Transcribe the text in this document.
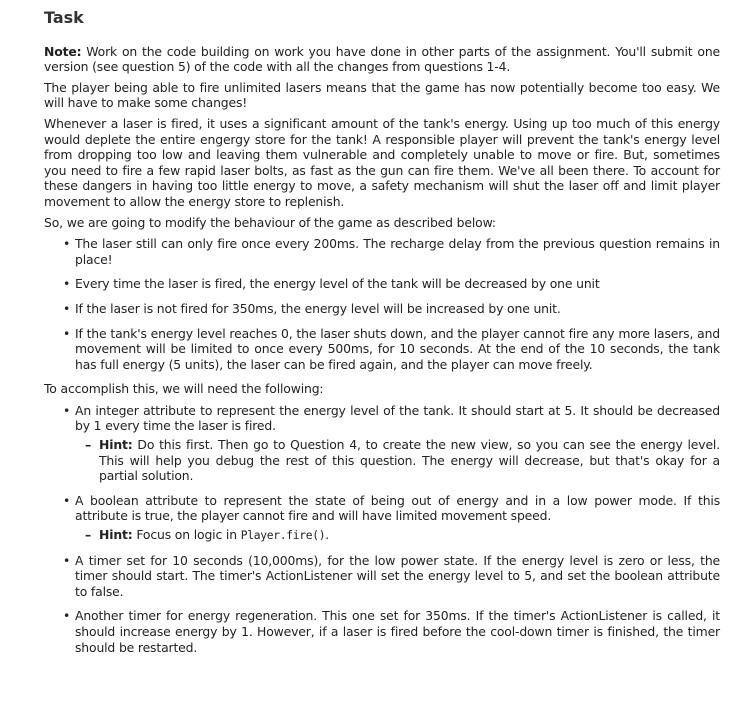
Task

Note: Work on the code building on work you have done in other parts of the assignment. You'll submit one version (see question 5) of the code with all the changes from questions 1-4.

The player being able to fire unlimited lasers means that the game has now potentially become too easy. We will have to make some changes!

Whenever a laser is fired, it uses a significant amount of the tank's energy. Using up too much of this energy would deplete the entire engergy store for the tank! A responsible player will prevent the tank's energy level from dropping too low and leaving them vulnerable and completely unable to move or fire. But, sometimes you need to fire a few rapid laser bolts, as fast as the gun can fire them. We've all been there. To account for these dangers in having too little energy to move, a safety mechanism will shut the laser off and limit player movement to allow the energy store to replenish.

So, we are going to modify the behaviour of the game as described below:

• The laser still can only fire once every 200ms. The recharge delay from the previous question remains in place!
• Every time the laser is fired, the energy level of the tank will be decreased by one unit
• If the laser is not fired for 350ms, the energy level will be increased by one unit.
• If the tank's energy level reaches 0, the laser shuts down, and the player cannot fire any more lasers, and movement will be limited to once every 500ms, for 10 seconds. At the end of the 10 seconds, the tank has full energy (5 units), the laser can be fired again, and the player can move freely.

To accomplish this, we will need the following:

• An integer attribute to represent the energy level of the tank. It should start at 5. It should be decreased by 1 every time the laser is fired.
– Hint: Do this first. Then go to Question 4, to create the new view, so you can see the energy level. This will help you debug the rest of this question. The energy will decrease, but that's okay for a partial solution.
• A boolean attribute to represent the state of being out of energy and in a low power mode. If this attribute is true, the player cannot fire and will have limited movement speed.
– Hint: Focus on logic in Player.fire().
• A timer set for 10 seconds (10,000ms), for the low power state. If the energy level is zero or less, the timer should start. The timer's ActionListener will set the energy level to 5, and set the boolean attribute to false.
• Another timer for energy regeneration. This one set for 350ms. If the timer's ActionListener is called, it should increase energy by 1. However, if a laser is fired before the cool-down timer is finished, the timer should be restarted.
